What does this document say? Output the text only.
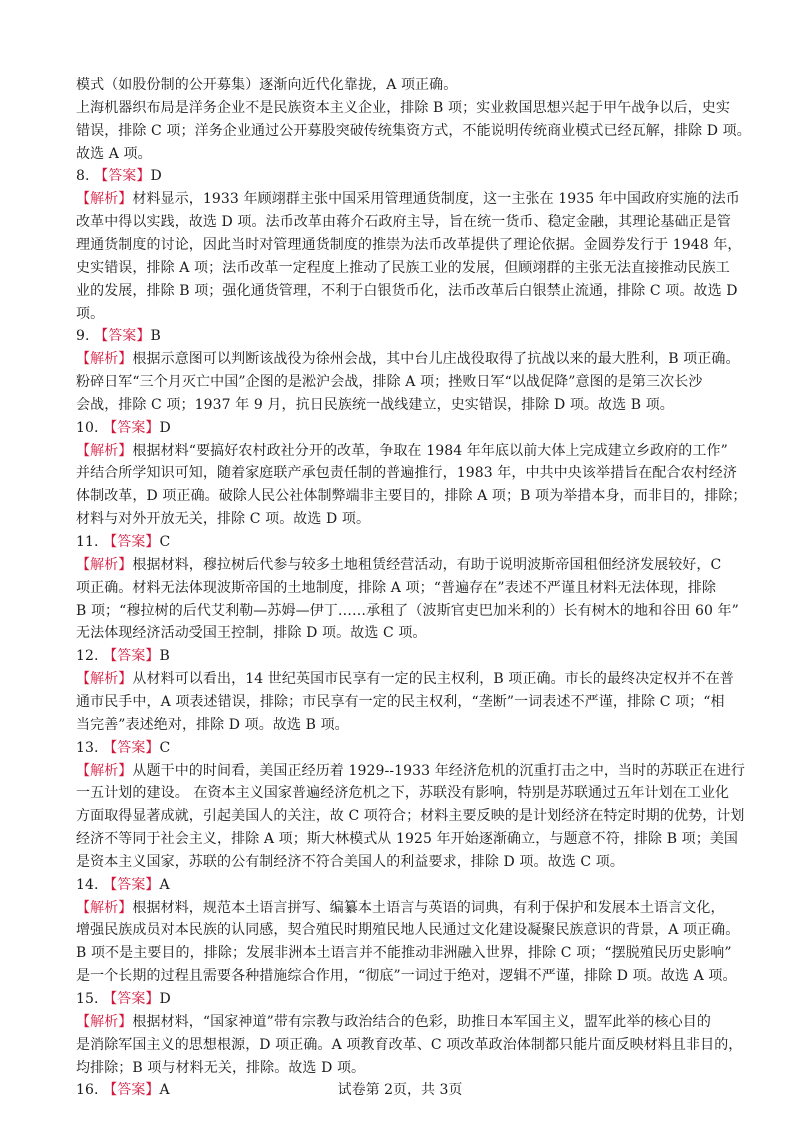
模式（如股份制的公开募集）逐渐向近代化靠拢，A 项正确。
上海机器织布局是洋务企业不是民族资本主义企业，排除 B 项；实业救国思想兴起于甲午战争以后，史实
错误，排除 C 项；洋务企业通过公开募股突破传统集资方式，不能说明传统商业模式已经瓦解，排除 D 项。
故选 A 项。
8. 【答案】D
【解析】材料显示，1933 年顾翊群主张中国采用管理通货制度，这一主张在 1935 年中国政府实施的法币
改革中得以实践，故选 D 项。法币改革由蒋介石政府主导，旨在统一货币、稳定金融，其理论基础正是管
理通货制度的讨论，因此当时对管理通货制度的推崇为法币改革提供了理论依据。金圆券发行于 1948 年，
史实错误，排除 A 项；法币改革一定程度上推动了民族工业的发展，但顾翊群的主张无法直接推动民族工
业的发展，排除 B 项；强化通货管理，不利于白银货币化，法币改革后白银禁止流通，排除 C 项。故选 D
项。
9. 【答案】B
【解析】根据示意图可以判断该战役为徐州会战，其中台儿庄战役取得了抗战以来的最大胜利，B 项正确。
粉碎日军“三个月灭亡中国”企图的是淞沪会战，排除 A 项；挫败日军“以战促降”意图的是第三次长沙
会战，排除 C 项；1937 年 9 月，抗日民族统一战线建立，史实错误，排除 D 项。故选 B 项。
10. 【答案】D
【解析】根据材料“要搞好农村政社分开的改革，争取在 1984 年年底以前大体上完成建立乡政府的工作”
并结合所学知识可知，随着家庭联产承包责任制的普遍推行，1983 年，中共中央该举措旨在配合农村经济
体制改革，D 项正确。破除人民公社体制弊端非主要目的，排除 A 项；B 项为举措本身，而非目的，排除；
材料与对外开放无关，排除 C 项。故选 D 项。
11. 【答案】C
【解析】根据材料，穆拉树后代参与较多土地租赁经营活动，有助于说明波斯帝国租佃经济发展较好，C
项正确。材料无法体现波斯帝国的土地制度，排除 A 项；“普遍存在”表述不严谨且材料无法体现，排除
B 项；“穆拉树的后代艾利勒—苏姆—伊丁……承租了（波斯官吏巴加米利的）长有树木的地和谷田 60 年”
无法体现经济活动受国王控制，排除 D 项。故选 C 项。
12. 【答案】B
【解析】从材料可以看出，14 世纪英国市民享有一定的民主权利，B 项正确。市长的最终决定权并不在普
通市民手中，A 项表述错误，排除；市民享有一定的民主权利，“垄断”一词表述不严谨，排除 C 项；“相
当完善”表述绝对，排除 D 项。故选 B 项。
13. 【答案】C
【解析】从题干中的时间看，美国正经历着 1929--1933 年经济危机的沉重打击之中，当时的苏联正在进行
一五计划的建设。 在资本主义国家普遍经济危机之下，苏联没有影响，特别是苏联通过五年计划在工业化
方面取得显著成就，引起美国人的关注，故 C 项符合；材料主要反映的是计划经济在特定时期的优势，计划
经济不等同于社会主义，排除 A 项；斯大林模式从 1925 年开始逐渐确立，与题意不符，排除 B 项；美国
是资本主义国家，苏联的公有制经济不符合美国人的利益要求，排除 D 项。故选 C 项。
14. 【答案】A
【解析】根据材料，规范本土语言拼写、编纂本土语言与英语的词典，有利于保护和发展本土语言文化，
增强民族成员对本民族的认同感，契合殖民时期殖民地人民通过文化建设凝聚民族意识的背景，A 项正确。
B 项不是主要目的，排除；发展非洲本土语言并不能推动非洲融入世界，排除 C 项；“摆脱殖民历史影响”
是一个长期的过程且需要各种措施综合作用，“彻底”一词过于绝对，逻辑不严谨，排除 D 项。故选 A 项。
15. 【答案】D
【解析】根据材料，“国家神道”带有宗教与政治结合的色彩，助推日本军国主义，盟军此举的核心目的
是消除军国主义的思想根源，D 项正确。A 项教育改革、C 项改革政治体制都只能片面反映材料且非目的，
均排除；B 项与材料无关，排除。故选 D 项。
16. 【答案】A	试卷第 2页，共 3页
